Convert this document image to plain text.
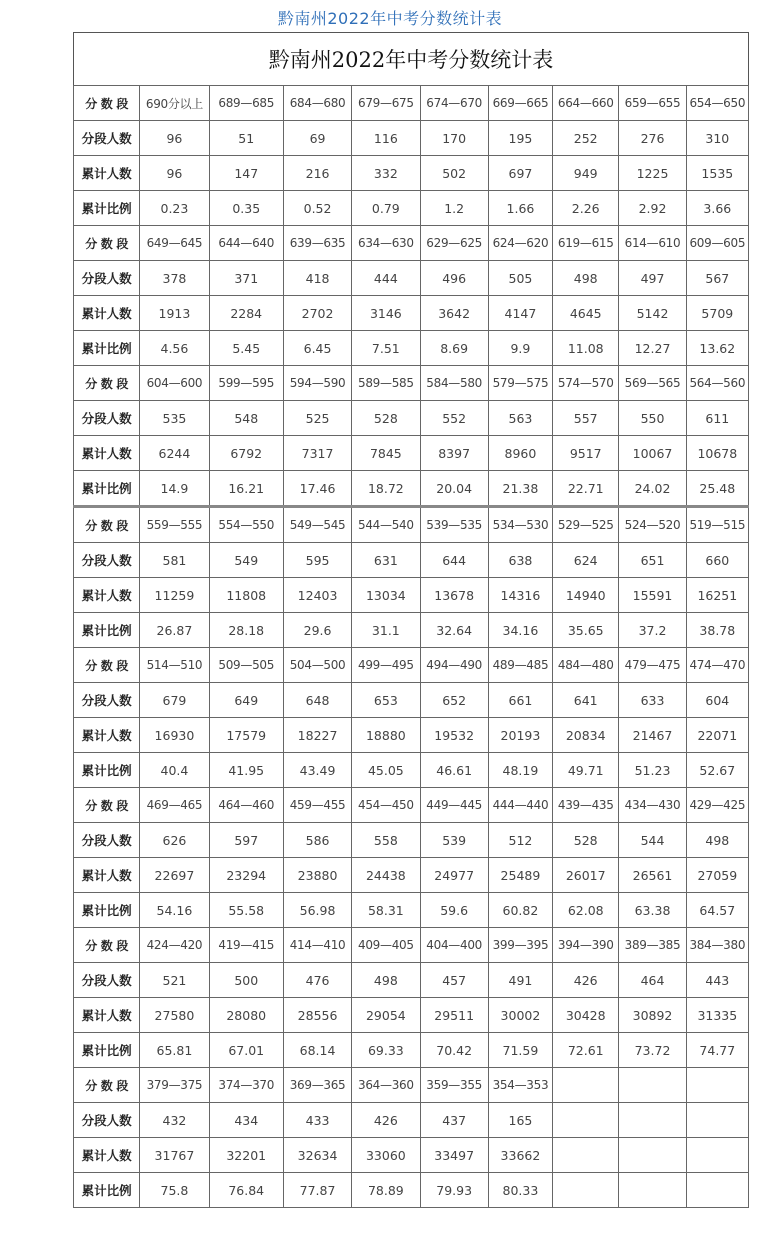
黔南州2022年中考分数统计表
黔南州2022年中考分数统计表
分 数 段	690分以上	689—685	684—680	679—675	674—670	669—665	664—660	659—655	654—650
分段人数	96	51	69	116	170	195	252	276	310
累计人数	96	147	216	332	502	697	949	1225	1535
累计比例	0.23	0.35	0.52	0.79	1.2	1.66	2.26	2.92	3.66
分 数 段	649—645	644—640	639—635	634—630	629—625	624—620	619—615	614—610	609—605
分段人数	378	371	418	444	496	505	498	497	567
累计人数	1913	2284	2702	3146	3642	4147	4645	5142	5709
累计比例	4.56	5.45	6.45	7.51	8.69	9.9	11.08	12.27	13.62
分 数 段	604—600	599—595	594—590	589—585	584—580	579—575	574—570	569—565	564—560
分段人数	535	548	525	528	552	563	557	550	611
累计人数	6244	6792	7317	7845	8397	8960	9517	10067	10678
累计比例	14.9	16.21	17.46	18.72	20.04	21.38	22.71	24.02	25.48
分 数 段	559—555	554—550	549—545	544—540	539—535	534—530	529—525	524—520	519—515
分段人数	581	549	595	631	644	638	624	651	660
累计人数	11259	11808	12403	13034	13678	14316	14940	15591	16251
累计比例	26.87	28.18	29.6	31.1	32.64	34.16	35.65	37.2	38.78
分 数 段	514—510	509—505	504—500	499—495	494—490	489—485	484—480	479—475	474—470
分段人数	679	649	648	653	652	661	641	633	604
累计人数	16930	17579	18227	18880	19532	20193	20834	21467	22071
累计比例	40.4	41.95	43.49	45.05	46.61	48.19	49.71	51.23	52.67
分 数 段	469—465	464—460	459—455	454—450	449—445	444—440	439—435	434—430	429—425
分段人数	626	597	586	558	539	512	528	544	498
累计人数	22697	23294	23880	24438	24977	25489	26017	26561	27059
累计比例	54.16	55.58	56.98	58.31	59.6	60.82	62.08	63.38	64.57
分 数 段	424—420	419—415	414—410	409—405	404—400	399—395	394—390	389—385	384—380
分段人数	521	500	476	498	457	491	426	464	443
累计人数	27580	28080	28556	29054	29511	30002	30428	30892	31335
累计比例	65.81	67.01	68.14	69.33	70.42	71.59	72.61	73.72	74.77
分 数 段	379—375	374—370	369—365	364—360	359—355	354—353			
分段人数	432	434	433	426	437	165			
累计人数	31767	32201	32634	33060	33497	33662			
累计比例	75.8	76.84	77.87	78.89	79.93	80.33			
